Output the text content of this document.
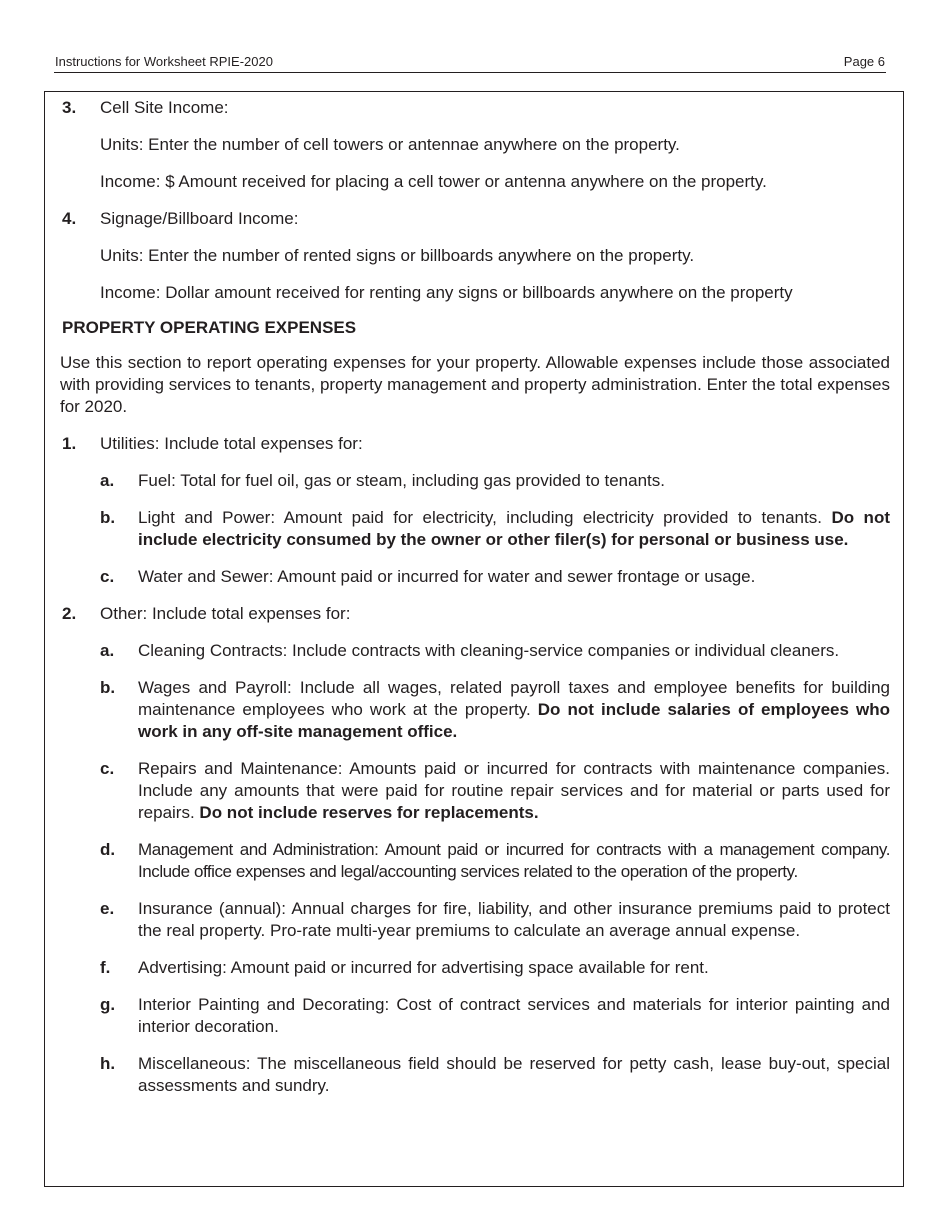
Instructions for Worksheet RPIE-2020	Page 6
3. Cell Site Income:
Units: Enter the number of cell towers or antennae anywhere on the property.
Income: $ Amount received for placing a cell tower or antenna anywhere on the property.
4. Signage/Billboard Income:
Units: Enter the number of rented signs or billboards anywhere on the property.
Income: Dollar amount received for renting any signs or billboards anywhere on the property
PROPERTY OPERATING EXPENSES
Use this section to report operating expenses for your property. Allowable expenses include those associated with providing services to tenants, property management and property administration. Enter the total expenses for 2020.
1. Utilities: Include total expenses for:
a. Fuel: Total for fuel oil, gas or steam, including gas provided to tenants.
b. Light and Power: Amount paid for electricity, including electricity provided to tenants. Do not include electricity consumed by the owner or other filer(s) for personal or business use.
c. Water and Sewer: Amount paid or incurred for water and sewer frontage or usage.
2. Other: Include total expenses for:
a. Cleaning Contracts: Include contracts with cleaning-service companies or individual cleaners.
b. Wages and Payroll: Include all wages, related payroll taxes and employee benefits for building maintenance employees who work at the property. Do not include salaries of employees who work in any off-site management office.
c. Repairs and Maintenance: Amounts paid or incurred for contracts with maintenance companies. Include any amounts that were paid for routine repair services and for material or parts used for repairs. Do not include reserves for replacements.
d. Management and Administration: Amount paid or incurred for contracts with a management company. Include office expenses and legal/accounting services related to the operation of the property.
e. Insurance (annual): Annual charges for fire, liability, and other insurance premiums paid to protect the real property. Pro-rate multi-year premiums to calculate an average annual expense.
f. Advertising: Amount paid or incurred for advertising space available for rent.
g. Interior Painting and Decorating: Cost of contract services and materials for interior painting and interior decoration.
h. Miscellaneous: The miscellaneous field should be reserved for petty cash, lease buy-out, special assessments and sundry.
